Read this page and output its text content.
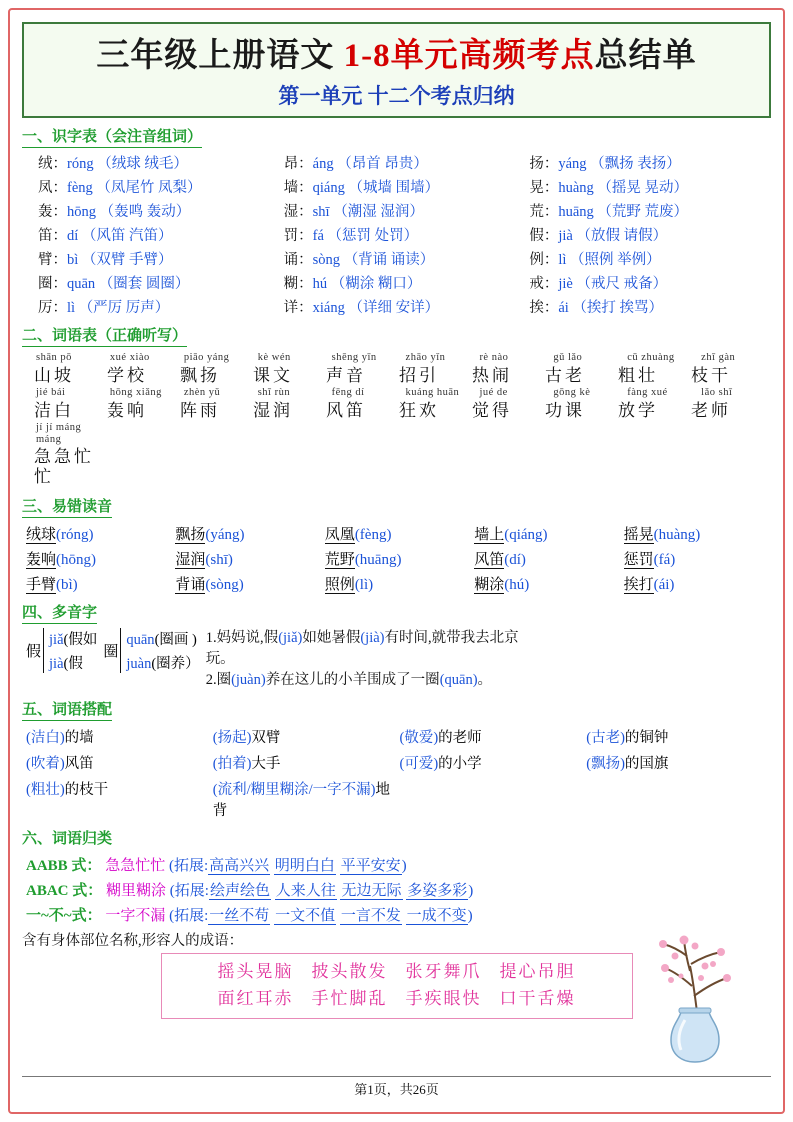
三年级上册语文 1-8单元高频考点总结单
第一单元 十二个考点归纳
一、识字表（会注音组词）
绒：róng （绒球 绒毛）	昂：áng （昂首 昂贵）	扬：yáng （飘扬 表扬）
凤：fèng （凤尾竹 凤梨）	墙：qiáng （城墙 围墙）	晃：huàng （摇晃 晃动）
轰：hōng （轰鸣 轰动）	湿：shī （潮湿 湿润）	荒：huāng （荒野 荒废）
笛：dí （风笛 汽笛）	罚：fá （惩罚 处罚）	假：jià （放假 请假）
臂：bì （双臂 手臂）	诵：sòng （背诵 诵读）	例：lì （照例 举例）
圈：quān （圈套 圆圈）	糊：hú （糊涂 糊口）	戒：jiè （戒尺 戒备）
厉：lì （严厉 厉声）	详：xiáng （详细 安详）	挨：ái （挨打 挨骂）
二、词语表（正确听写）
shān pō	xué xiào	piāo yáng	kè wén	shēng yīn	zhāo yǐn	rè nào	gǔ lǎo	cū zhuàng	zhī gàn
山坡	学校	飘扬	课文	声音	招引	热闹	古老	粗壮	枝干
jié bái	hōng xiǎng	zhèn yǔ	shī rùn	fēng dí	kuáng huān	jué de	gōng kè	fàng xué	lǎo shī
洁白	轰响	阵雨	湿润	风笛	狂欢	觉得	功课	放学	老师
jí jí máng máng
急急忙 忙
三、易错读音
绒球(róng)	飘扬(yáng)	凤凰(fèng)	墙上(qiáng)	摇晃(huàng)
轰响(hōng)	湿润(shī)	荒野(huāng)	风笛(dí)	惩罚(fá)
手臂(bì)	背诵(sòng)	照例(lì)	糊涂(hú)	挨打(ái)
四、多音字
假
jiǎ(假如
jià(假
圈
quān(圈画 )
juàn(圈养）
1.妈妈说,假(jiǎ)如她暑假(jià)有时间,就带我去北京玩。
2.圈(juàn)养在这儿的小羊围成了一圈(quān)。
五、词语搭配
(洁白)的墙	(扬起)双臂	(敬爱)的老师	(古老)的铜钟
(吹着)风笛	(拍着)大手	(可爱)的小学	(飘扬)的国旗
(粗壮)的枝干	(流利/糊里糊涂/一字不漏)地背
六、词语归类
AABB 式： 急急忙忙 (拓展:高高兴兴 明明白白 平平安安)
ABAC 式： 糊里糊涂 (拓展:绘声绘色 人来人往 无边无际 多姿多彩)
一~不~式： 一字不漏 (拓展:一丝不苟 一文不值 一言不发 一成不变)
含有身体部位名称,形容人的成语：
摇头晃脑 披头散发 张牙舞爪 提心吊胆
面红耳赤 手忙脚乱 手疾眼快 口干舌燥
第1页，共26页
